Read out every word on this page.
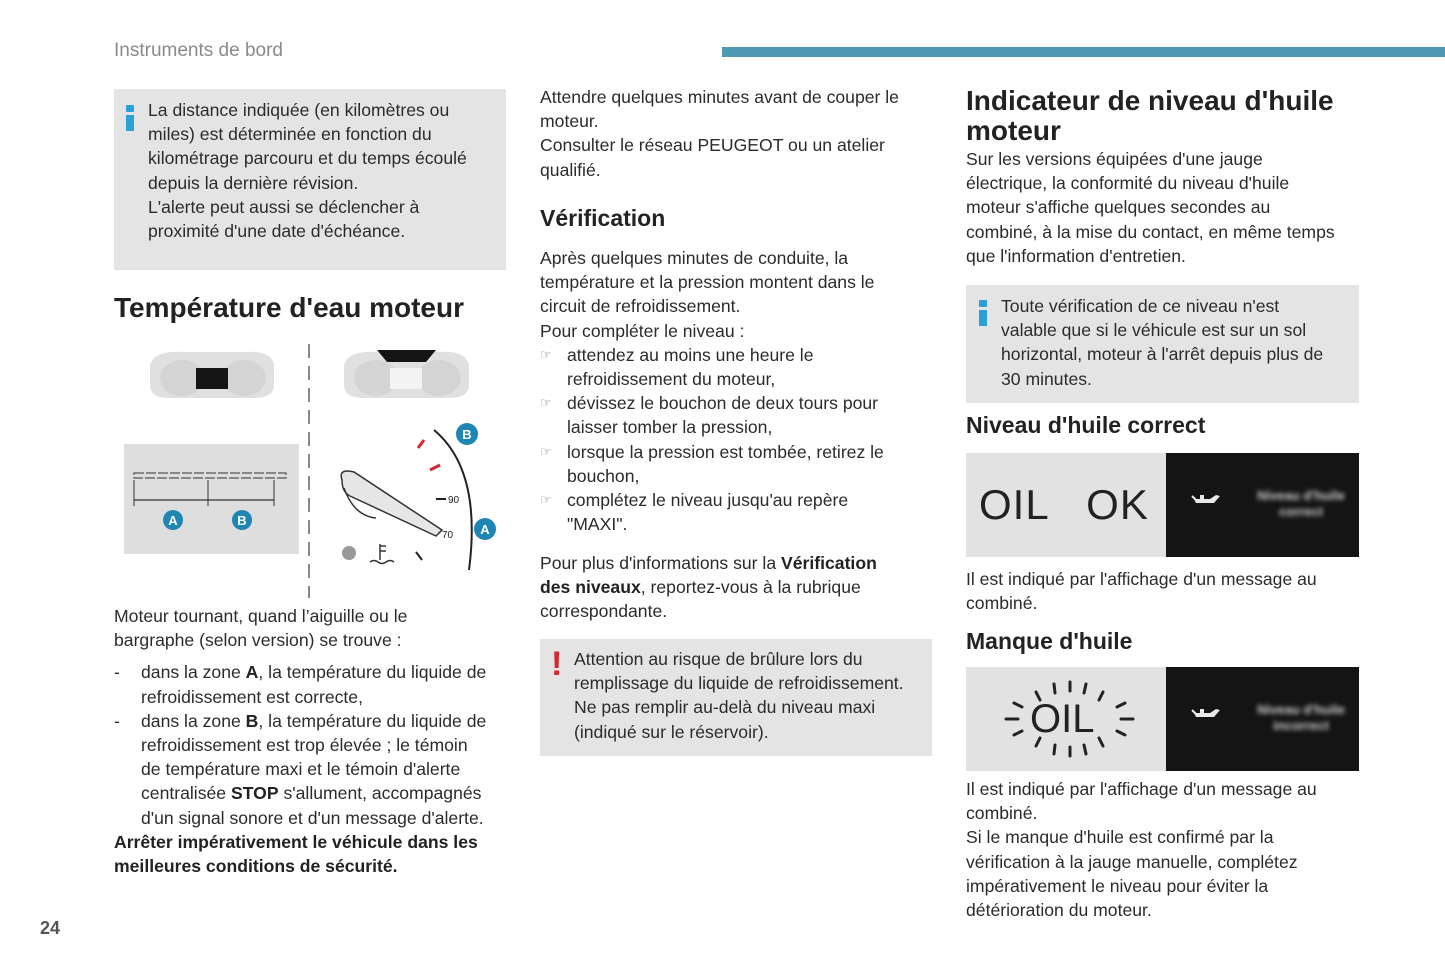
Instruments de bord
24
La distance indiquée (en kilomètres ou
miles) est déterminée en fonction du
kilométrage parcouru et du temps écoulé
depuis la dernière révision.
L'alerte peut aussi se déclencher à
proximité d'une date d'échéance.
Température d'eau moteur
A	B
90
70
B
A
Moteur tournant, quand l’aiguille ou le
bargraphe (selon version) se trouve :
- dans la zone A, la température du liquide de
refroidissement est correcte,
- dans la zone B, la température du liquide de
refroidissement est trop élevée ; le témoin
de température maxi et le témoin d'alerte
centralisée STOP s'allument, accompagnés
d'un signal sonore et d'un message d'alerte.
Arrêter impérativement le véhicule dans les
meilleures conditions de sécurité.
Attendre quelques minutes avant de couper le
moteur.
Consulter le réseau PEUGEOT ou un atelier
qualifié.
Vérification
Après quelques minutes de conduite, la
température et la pression montent dans le
circuit de refroidissement.
Pour compléter le niveau :
☞ attendez au moins une heure le
refroidissement du moteur,
☞ dévissez le bouchon de deux tours pour
laisser tomber la pression,
☞ lorsque la pression est tombée, retirez le
bouchon,
☞ complétez le niveau jusqu'au repère
"MAXI".
Pour plus d'informations sur la Vérification
des niveaux, reportez-vous à la rubrique
correspondante.
! Attention au risque de brûlure lors du
remplissage du liquide de refroidissement.
Ne pas remplir au-delà du niveau maxi
(indiqué sur le réservoir).
Indicateur de niveau d'huile
moteur
Sur les versions équipées d'une jauge
électrique, la conformité du niveau d'huile
moteur s'affiche quelques secondes au
combiné, à la mise du contact, en même temps
que l'information d'entretien.
Toute vérification de ce niveau n'est
valable que si le véhicule est sur un sol
horizontal, moteur à l'arrêt depuis plus de
30 minutes.
Niveau d'huile correct
OIL   OK	Niveau d'huile
correct
Il est indiqué par l'affichage d'un message au
combiné.
Manque d'huile
OIL	Niveau d'huile
incorrect
Il est indiqué par l'affichage d'un message au
combiné.
Si le manque d'huile est confirmé par la
vérification à la jauge manuelle, complétez
impérativement le niveau pour éviter la
détérioration du moteur.
